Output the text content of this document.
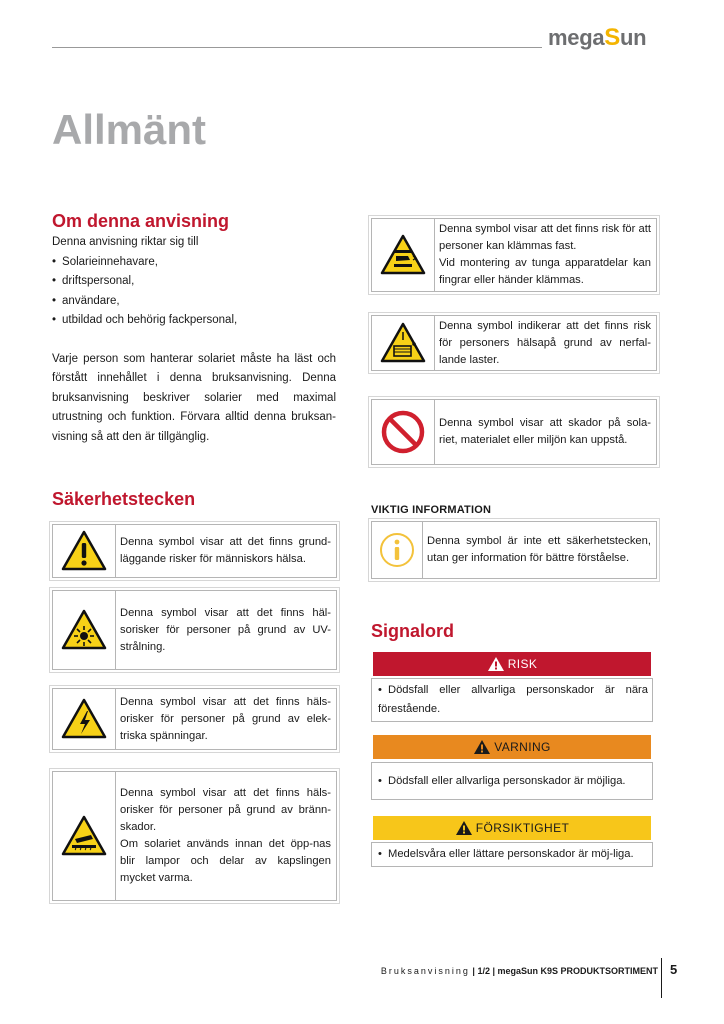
megaSun
Allmänt
Om denna anvisning

Denna anvisning riktar sig till

• Solarieinnehavare,
• driftspersonal,
• användare,
• utbildad och behörig fackpersonal,

Varje person som hanterar solariet måste ha läst och förstått innehållet i denna bruksanvisning. Denna bruksanvisning beskriver solarier med maximal utrustning och funktion. Förvara alltid denna bruksan-visning så att den är tillgänglig.

Säkerhetstecken
Denna symbol visar att det finns grund-läggande risker för människors hälsa.
Denna symbol visar att det finns häl-sorisker för personer på grund av UV-strålning.
Denna symbol visar att det finns häls-orisker för personer på grund av elek-triska spänningar.
Denna symbol visar att det finns häls-orisker för personer på grund av bränn-skador.
Om solariet används innan det öpp-nas blir lampor och delar av kapslingen mycket varma.
Denna symbol visar att det finns risk för att personer kan klämmas fast.
Vid montering av tunga apparatdelar kan fingrar eller händer klämmas.
Denna symbol indikerar att det finns risk för personers hälsapå grund av nerfal-lande laster.
Denna symbol visar att skador på sola-riet, materialet eller miljön kan uppstå.
VIKTIG INFORMATION
Denna symbol är inte ett säkerhetstecken, utan ger information för bättre förståelse.
Signalord
RISK
• Dödsfall eller allvarliga personskador är nära förestående.
VARNING
• Dödsfall eller allvarliga personskador är möjliga.
FÖRSIKTIGHET
• Medelsvåra eller lättare personskador är möj-liga.
Bruksanvisning | 1/2 | megaSun K9S PRODUKTSORTIMENT 5
